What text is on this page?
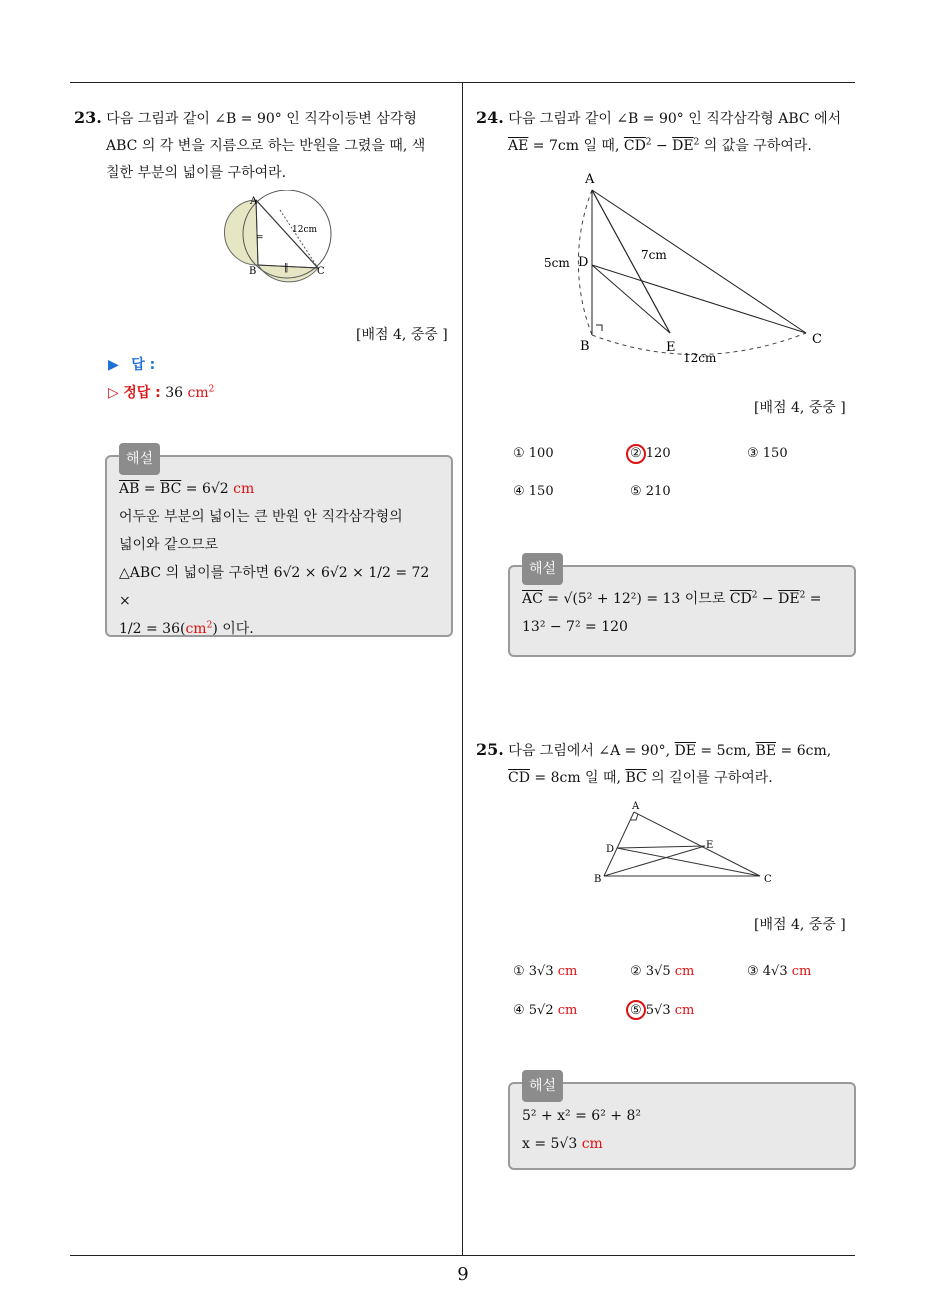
23. 다음 그림과 같이 ∠B = 90° 인 직각이등변 삼각형
ABC 의 각 변을 지름으로 하는 반원을 그렸을 때, 색
칠한 부분의 넓이를 구하여라.
A
B	C
12cm
=
‖
[배점 4, 중중 ]
▶ 답 :
▷ 정답 : 36 $cm^2$
해설
$\overline{AB} = \overline{BC} = 6√2$ cm
어두운 부분의 넓이는 큰 반원 안 직각삼각형의
넓이와 같으므로
△ABC 의 넓이를 구하면 6√2 × 6√2 × 1/2 = 72 ×
$1/2 = 36(cm^2)$ 이다.
24. 다음 그림과 같이 ∠B = 90° 인 직각삼각형 ABC 에서
$\overline{AE} = 7cm$ 일 때, $\overline{CD}^2 - \overline{DE}^2$ 의 값을 구하여라.
A
B	C
D
E
5cm
7cm
12cm
[배점 4, 중중 ]
① 100	② 120	③ 150
④ 150	⑤ 210
해설
$\overline{AC} = √(5^2 + 12^2) = 13$ 이므로 $\overline{CD}^2 - \overline{DE}^2$ =
13² − 7² = 120
25. 다음 그림에서 ∠A = 90°, $\overline{DE} = 5cm$, $\overline{BE} = 6cm$,
$\overline{CD} = 8cm$ 일 때, $\overline{BC}$ 의 길이를 구하여라.
A
B	C
D	E
[배점 4, 중중 ]
① 3√3 cm	② 3√5 cm	③ 4√3 cm
④ 5√2 cm	⑤ 5√3 cm
해설
5² + x² = 6² + 8²
x = 5√3 cm
9
